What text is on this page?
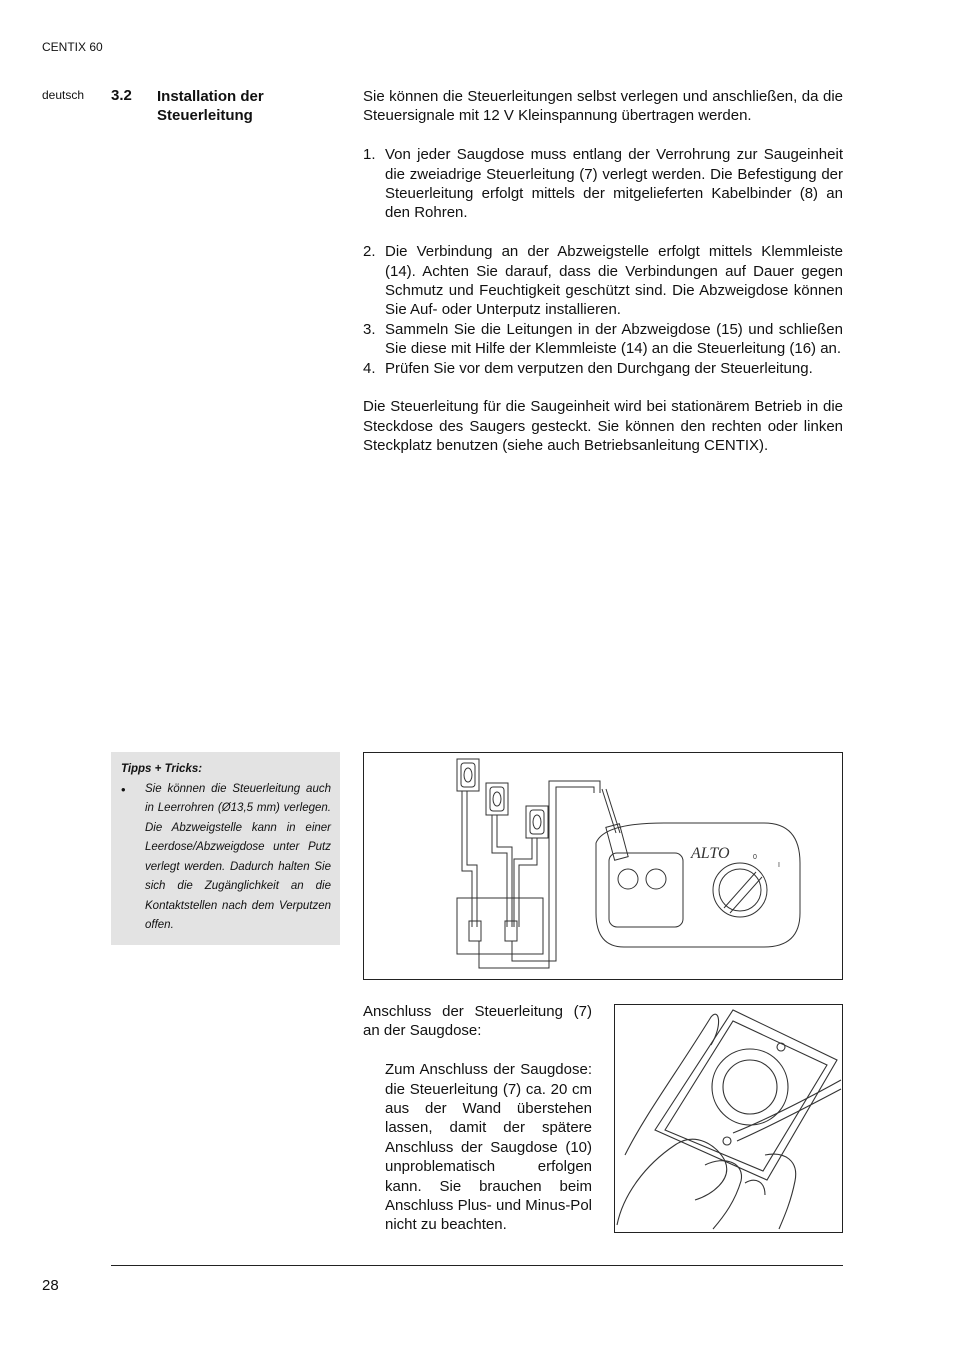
CENTIX 60
deutsch 3.2 Installation der
Steuerleitung

Sie können die Steuerleitungen selbst verlegen und anschließen, da die Steuersignale mit 12 V Kleinspannung übertragen werden.

1. Von jeder Saugdose muss entlang der Verrohrung zur Saugeinheit die zweiadrige Steuerleitung (7) verlegt werden. Die Befestigung der Steuerleitung erfolgt mittels der mitgelieferten Kabelbinder (8) an den Rohren.
2. Die Verbindung an der Abzweigstelle erfolgt mittels Klemmleiste (14). Achten Sie darauf, dass die Verbindungen auf Dauer gegen Schmutz und Feuchtigkeit geschützt sind. Die Abzweigdose können Sie Auf- oder Unterputz installieren.
3. Sammeln Sie die Leitungen in der Abzweigdose (15) und schließen Sie diese mit Hilfe der Klemmleiste (14) an die Steuerleitung (16) an.
4. Prüfen Sie vor dem verputzen den Durchgang der Steuerleitung.

Die Steuerleitung für die Saugeinheit wird bei stationärem Betrieb in die Steckdose des Saugers gesteckt. Sie können den rechten oder linken Steckplatz benutzen (siehe auch Betriebsanleitung CENTIX).

Tipps + Tricks:
•	Sie können die Steuerleitung auch in Leerrohren (Ø13,5 mm) verlegen. Die Abzweigstelle kann in einer Leerdose/Abzweigdose unter Putz verlegt werden. Dadurch halten Sie sich die Zugänglichkeit an die Kontaktstellen nach dem Verputzen offen.
ALTO	0
I

Anschluss der Steuerleitung (7) an der Saugdose:

Zum Anschluss der Saugdose: die Steuerleitung (7) ca. 20 cm aus der Wand überstehen lassen, damit der spätere Anschluss der Saugdose (10) unproblematisch erfolgen kann. Sie brauchen beim Anschluss Plus- und Minus-Pol nicht zu beachten.

28
